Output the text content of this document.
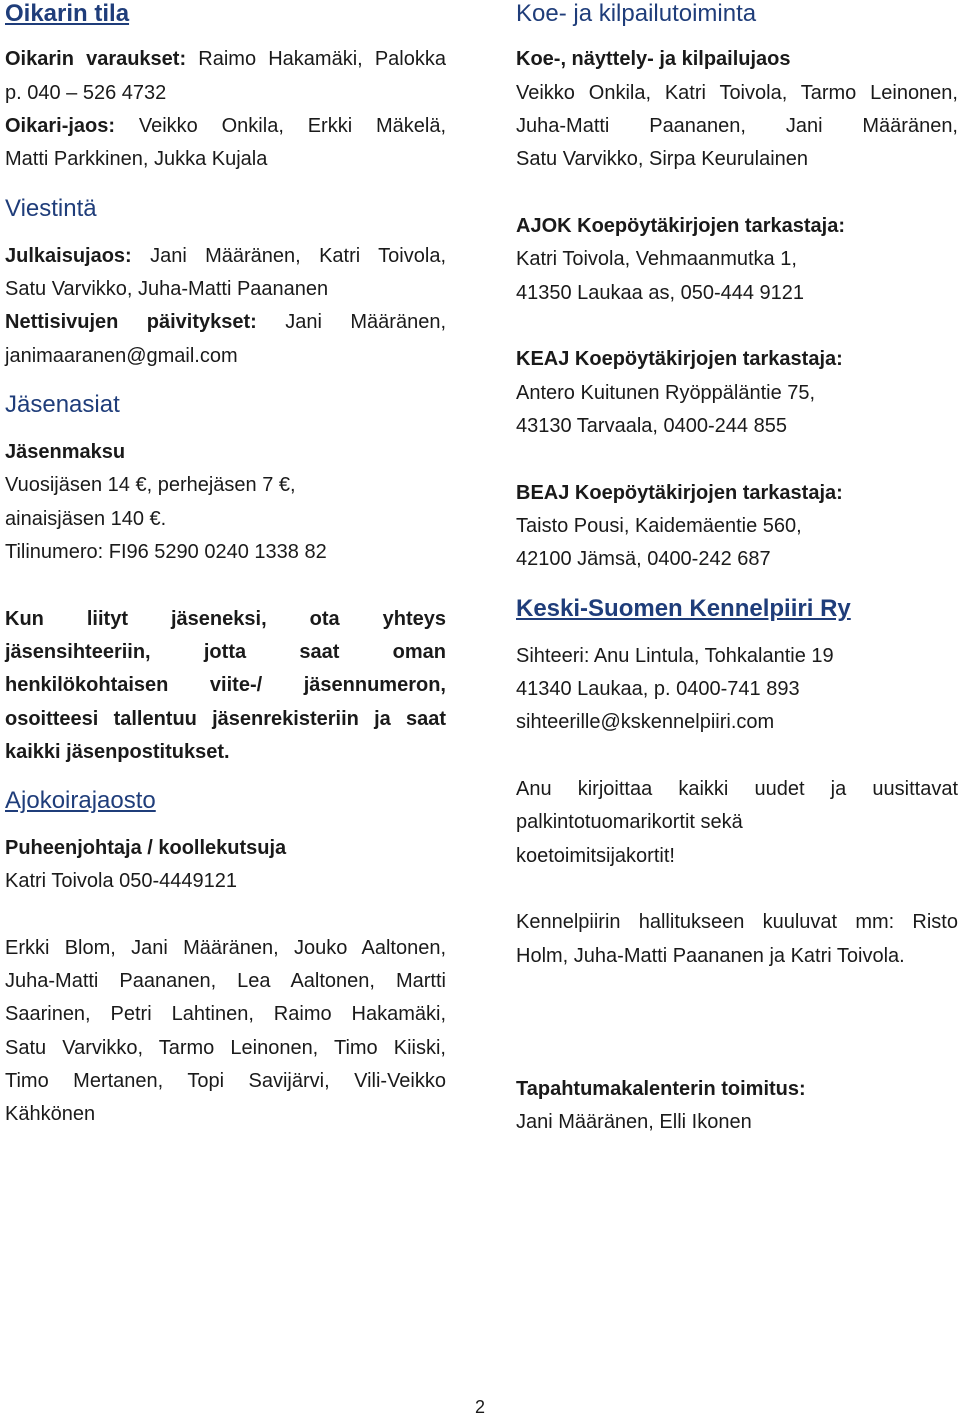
Oikarin tila

Oikarin varaukset: Raimo Hakamäki, Palokka

p. 040 – 526 4732

Oikari-jaos: Veikko Onkila, Erkki Mäkelä,

Matti Parkkinen, Jukka Kujala

Viestintä

Julkaisujaos: Jani Määränen, Katri Toivola,

Satu Varvikko, Juha-Matti Paananen

Nettisivujen päivitykset: Jani Määränen,

janimaaranen@gmail.com

Jäsenasiat

Jäsenmaksu

Vuosijäsen 14 €, perhejäsen 7 €,

ainaisjäsen 140 €.

Tilinumero: FI96 5290 0240 1338 82

Kun liityt jäseneksi, ota yhteys

jäsensihteeriin, jotta saat oman

henkilökohtaisen viite-/ jäsennumeron,

osoitteesi tallentuu jäsenrekisteriin ja saat

kaikki jäsenpostitukset.

Ajokoirajaosto

Puheenjohtaja / koollekutsuja

Katri Toivola 050-4449121

Erkki Blom, Jani Määränen, Jouko Aaltonen,

Juha-Matti Paananen, Lea Aaltonen, Martti

Saarinen, Petri Lahtinen, Raimo Hakamäki,

Satu Varvikko, Tarmo Leinonen, Timo Kiiski,

Timo Mertanen, Topi Savijärvi, Vili-Veikko

Kähkönen

Koe- ja kilpailutoiminta

Koe-, näyttely- ja kilpailujaos

Veikko Onkila, Katri Toivola, Tarmo Leinonen,

Juha-Matti Paananen, Jani Määränen,

Satu Varvikko, Sirpa Keurulainen

AJOK Koepöytäkirjojen tarkastaja:

Katri Toivola, Vehmaanmutka 1,

41350 Laukaa as, 050-444 9121

KEAJ Koepöytäkirjojen tarkastaja:

Antero Kuitunen Ryöppäläntie 75,

43130 Tarvaala, 0400-244 855

BEAJ Koepöytäkirjojen tarkastaja:

Taisto Pousi, Kaidemäentie 560,

42100 Jämsä, 0400-242 687

Keski-Suomen Kennelpiiri Ry

Sihteeri: Anu Lintula, Tohkalantie 19

41340 Laukaa, p. 0400-741 893

sihteerille@kskennelpiiri.com

Anu kirjoittaa kaikki uudet ja uusittavat

palkintotuomarikortit sekä

koetoimitsijakortit!

Kennelpiirin hallitukseen kuuluvat mm: Risto

Holm, Juha-Matti Paananen ja Katri Toivola.

Tapahtumakalenterin toimitus:

Jani Määränen, Elli Ikonen

2
